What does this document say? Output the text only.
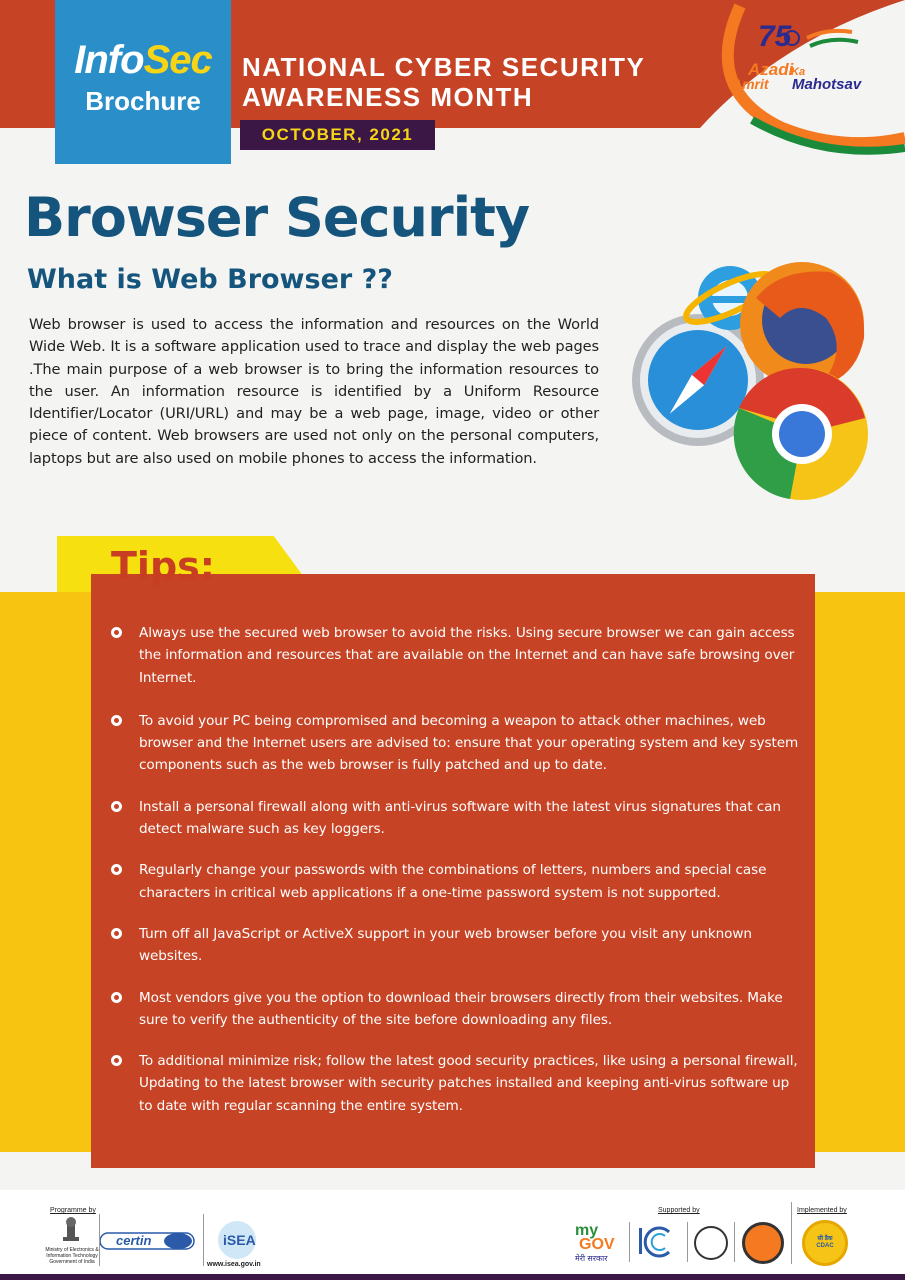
InfoSec
Brochure
NATIONAL CYBER SECURITY
AWARENESS MONTH
OCTOBER, 2021
75
Azadi
Ka
Amrit Mahotsav
Browser Security
What is Web Browser ??

Web browser is used to access the information and resources on the World Wide Web. It is a software application used to trace and display the web pages .The main purpose of a web browser is to bring the information resources to the user. An information resource is identified by a Uniform Resource Identifier/Locator (URI/URL) and may be a web page, image, video or other piece of content. Web browsers are used not only on the personal computers, laptops but are also used on mobile phones to access the information.

Tips:
Always use the secured web browser to avoid the risks. Using secure browser we can gain access the information and resources that are available on the Internet and can have safe browsing over Internet.
To avoid your PC being compromised and becoming a weapon to attack other machines, web browser and the Internet users are advised to: ensure that your operating system and key system components such as the web browser is fully patched and up to date.
Install a personal firewall along with anti-virus software with the latest virus signatures that can detect malware such as key loggers.
Regularly change your passwords with the combinations of letters, numbers and special case characters in critical web applications if a one-time password system is not supported.
Turn off all JavaScript or ActiveX support in your web browser before you visit any unknown websites.
Most vendors give you the option to download their browsers directly from their websites. Make sure to verify the authenticity of the site before downloading any files.
To additional minimize risk; follow the latest good security practices, like using a personal firewall, Updating to the latest browser with security patches installed and keeping anti-virus software up to date with regular scanning the entire system.
Programme by
Ministry of Electronics & Information Technology Government of India
certin	iSEA
www.isea.gov.in
Supported by
my
GOV
मेरी सरकार
Implemented by
सी डैक CDAC
